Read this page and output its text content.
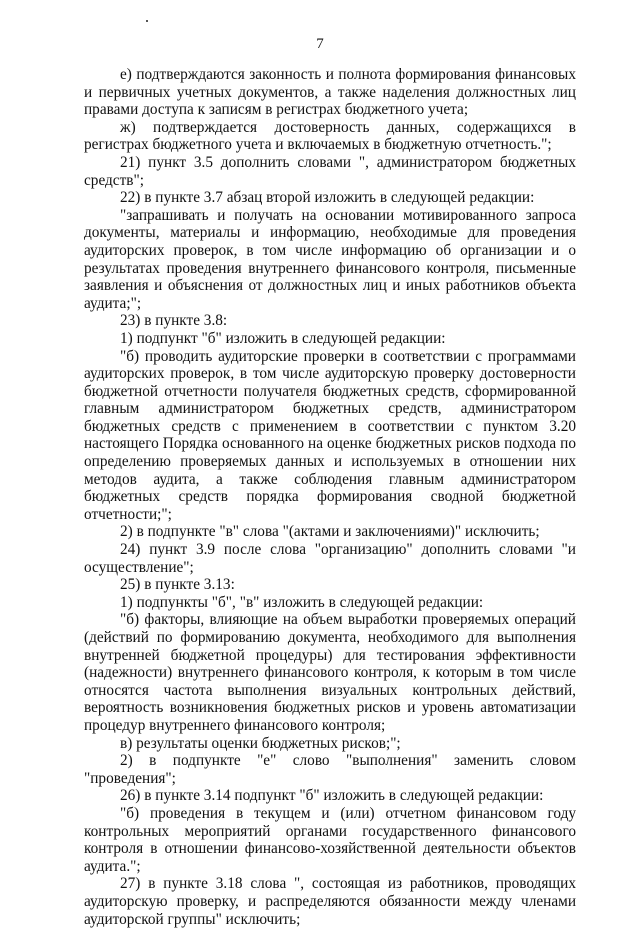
7

е) подтверждаются законность и полнота формирования финансовых и первичных учетных документов, а также наделения должностных лиц правами доступа к записям в регистрах бюджетного учета;

ж) подтверждается достоверность данных, содержащихся в регистрах бюджетного учета и включаемых в бюджетную отчетность.";

21) пункт 3.5 дополнить словами ", администратором бюджетных средств";

22) в пункте 3.7 абзац второй изложить в следующей редакции:

"запрашивать и получать на основании мотивированного запроса документы, материалы и информацию, необходимые для проведения аудиторских проверок, в том числе информацию об организации и о результатах проведения внутреннего финансового контроля, письменные заявления и объяснения от должностных лиц и иных работников объекта аудита;";

23) в пункте 3.8:

1) подпункт "б" изложить в следующей редакции:

"б) проводить аудиторские проверки в соответствии с программами аудиторских проверок, в том числе аудиторскую проверку достоверности бюджетной отчетности получателя бюджетных средств, сформированной главным администратором бюджетных средств, администратором бюджетных средств с применением в соответствии с пунктом 3.20 настоящего Порядка основанного на оценке бюджетных рисков подхода по определению проверяемых данных и используемых в отношении них методов аудита, а также соблюдения главным администратором бюджетных средств порядка формирования сводной бюджетной отчетности;";

2) в подпункте "в" слова "(актами и заключениями)" исключить;

24) пункт 3.9 после слова "организацию" дополнить словами "и осуществление";

25) в пункте 3.13:

1) подпункты "б", "в" изложить в следующей редакции:

"б) факторы, влияющие на объем выработки проверяемых операций (действий по формированию документа, необходимого для выполнения внутренней бюджетной процедуры) для тестирования эффективности (надежности) внутреннего финансового контроля, к которым в том числе относятся частота выполнения визуальных контрольных действий, вероятность возникновения бюджетных рисков и уровень автоматизации процедур внутреннего финансового контроля;

в) результаты оценки бюджетных рисков;";

2) в подпункте "е" слово "выполнения" заменить словом "проведения";

26) в пункте 3.14 подпункт "б" изложить в следующей редакции:

"б) проведения в текущем и (или) отчетном финансовом году контрольных мероприятий органами государственного финансового контроля в отношении финансово-хозяйственной деятельности объектов аудита.";

27) в пункте 3.18 слова ", состоящая из работников, проводящих аудиторскую проверку, и распределяются обязанности между членами аудиторской группы" исключить;
